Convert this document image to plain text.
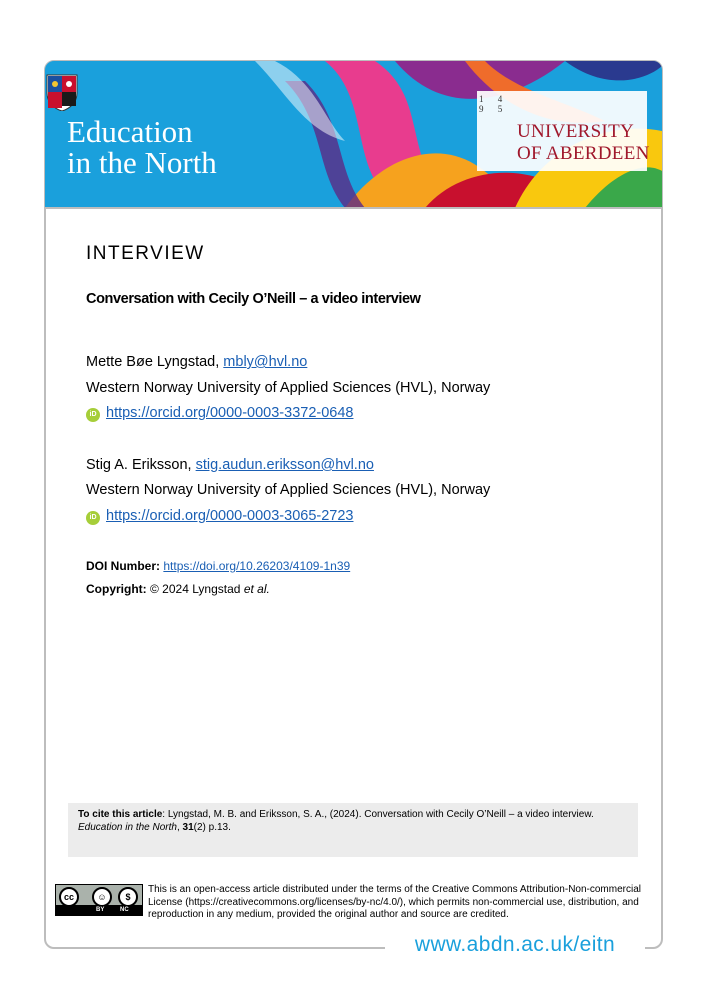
Education
in the North
1 4 9 5
UNIVERSITY
OF ABERDEEN
INTERVIEW
Conversation with Cecily O’Neill – a video interview
Mette Bøe Lyngstad, mbly@hvl.no
Western Norway University of Applied Sciences (HVL), Norway
iD https://orcid.org/0000-0003-3372-0648
Stig A. Eriksson, stig.audun.eriksson@hvl.no
Western Norway University of Applied Sciences (HVL), Norway
iD https://orcid.org/0000-0003-3065-2723
DOI Number: https://doi.org/10.26203/4109-1n39
Copyright: © 2024 Lyngstad et al.
To cite this article: Lyngstad, M. B. and Eriksson, S. A., (2024). Conversation with Cecily O’Neill – a video interview. Education in the North, 31(2) p.13.
cc	☺	$
BY	NC
This is an open-access article distributed under the terms of the Creative Commons Attribution-Non-commercial License (https://creativecommons.org/licenses/by-nc/4.0/), which permits non-commercial use, distribution, and reproduction in any medium, provided the original author and source are credited.
www.abdn.ac.uk/eitn
